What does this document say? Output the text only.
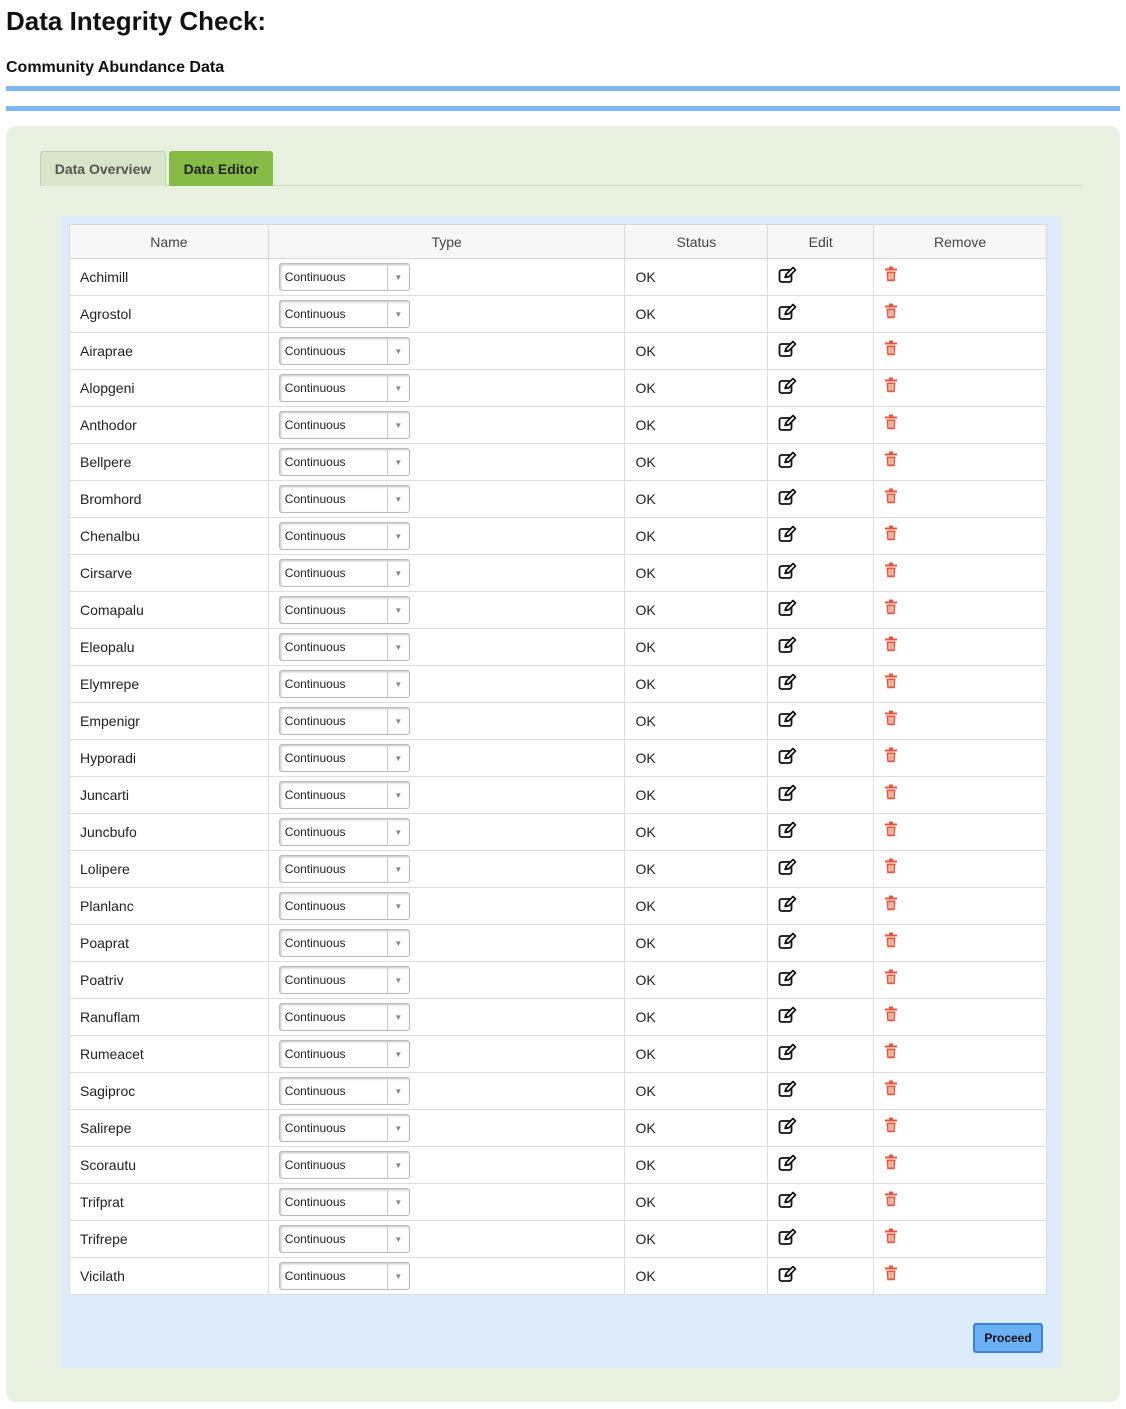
Data Integrity Check:
Community Abundance Data
Data Overview	Data Editor
Name	Type	Status	Edit	Remove
Achimill	Continuous ▼	OK	

Agrostol	Continuous ▼	OK	

Airaprae	Continuous ▼	OK	

Alopgeni	Continuous ▼	OK	

Anthodor	Continuous ▼	OK	

Bellpere	Continuous ▼	OK	

Bromhord	Continuous ▼	OK	

Chenalbu	Continuous ▼	OK	

Cirsarve	Continuous ▼	OK	

Comapalu	Continuous ▼	OK	

Eleopalu	Continuous ▼	OK	

Elymrepe	Continuous ▼	OK	

Empenigr	Continuous ▼	OK	

Hyporadi	Continuous ▼	OK	

Juncarti	Continuous ▼	OK	

Juncbufo	Continuous ▼	OK	

Lolipere	Continuous ▼	OK	

Planlanc	Continuous ▼	OK	

Poaprat	Continuous ▼	OK	

Poatriv	Continuous ▼	OK	

Ranuflam	Continuous ▼	OK	

Rumeacet	Continuous ▼	OK	

Sagiproc	Continuous ▼	OK	

Salirepe	Continuous ▼	OK	

Scorautu	Continuous ▼	OK	

Trifprat	Continuous ▼	OK	

Trifrepe	Continuous ▼	OK	

Vicilath	Continuous ▼	OK	

Proceed
